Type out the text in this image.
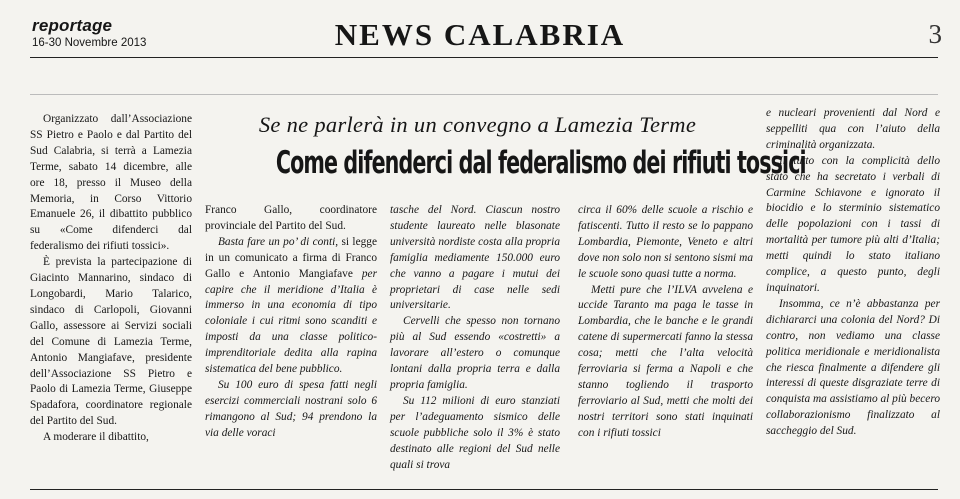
reportage
16-30 Novembre 2013	NEWS CALABRIA	3
Se ne parlerà in un convegno a Lamezia Terme
Come difenderci dal federalismo dei rifiuti tossici

Organizzato dall’Associazione SS Pietro e Paolo e dal Partito del Sud Calabria, si terrà a Lamezia Terme, sabato 14 dicembre, alle ore 18, presso il Museo della Memoria, in Corso Vittorio Emanuele 26, il dibattito pubblico su «Come difenderci dal federalismo dei rifiuti tossici».

È prevista la partecipazione di Giacinto Mannarino, sindaco di Longobardi, Mario Talarico, sindaco di Carlopoli, Giovanni Gallo, assessore ai Servizi sociali del Comune di Lamezia Terme, Antonio Mangiafave, presidente dell’Associazione SS Pietro e Paolo di Lamezia Terme, Giuseppe Spadafora, coordinatore regionale del Partito del Sud.

A moderare il dibattito,

Franco Gallo, coordinatore provinciale del Partito del Sud.

Basta fare un po’ di conti, si legge in un comunicato a firma di Franco Gallo e Antonio Mangiafave per capire che il meridione d’Italia è immerso in una economia di tipo coloniale i cui ritmi sono scanditi e imposti da una classe politico-imprenditoriale dedita alla rapina sistematica del bene pubblico.

Su 100 euro di spesa fatti negli esercizi commerciali nostrani solo 6 rimangono al Sud; 94 prendono la via delle voraci

tasche del Nord. Ciascun nostro studente laureato nelle blasonate università nordiste costa alla propria famiglia mediamente 150.000 euro che vanno a pagare i mutui dei proprietari di case nelle sedi universitarie.

Cervelli che spesso non tornano più al Sud essendo «costretti» a lavorare all’estero o comunque lontani dalla propria terra e dalla propria famiglia.

Su 112 milioni di euro stanziati per l’adeguamento sismico delle scuole pubbliche solo il 3% è stato destinato alle regioni del Sud nelle quali si trova

circa il 60% delle scuole a rischio e fatiscenti. Tutto il resto se lo pappano Lombardia, Piemonte, Veneto e altri dove non solo non si sentono sismi ma le scuole sono quasi tutte a norma.

Metti pure che l’ILVA avvelena e uccide Taranto ma paga le tasse in Lombardia, che le banche e le grandi catene di supermercati fanno la stessa cosa; metti che l’alta velocità ferroviaria si ferma a Napoli e che stanno togliendo il trasporto ferroviario al Sud, metti che molti dei nostri territori sono stati inquinati con i rifiuti tossici

e nucleari provenienti dal Nord e seppelliti qua con l’aiuto della criminalità organizzata.

Il tutto con la complicità dello stato che ha secretato i verbali di Carmine Schiavone e ignorato il biocidio e lo sterminio sistematico delle popolazioni con i tassi di mortalità per tumore più alti d’Italia; metti quindi lo stato italiano complice, a questo punto, degli inquinatori.

Insomma, ce n’è abbastanza per dichiararci una colonia del Nord? Di contro, non vediamo una classe politica meridionale e meridionalista che riesca finalmente a difendere gli interessi di queste disgraziate terre di conquista ma assistiamo al più becero collaborazionismo finalizzato al saccheggio del Sud.
